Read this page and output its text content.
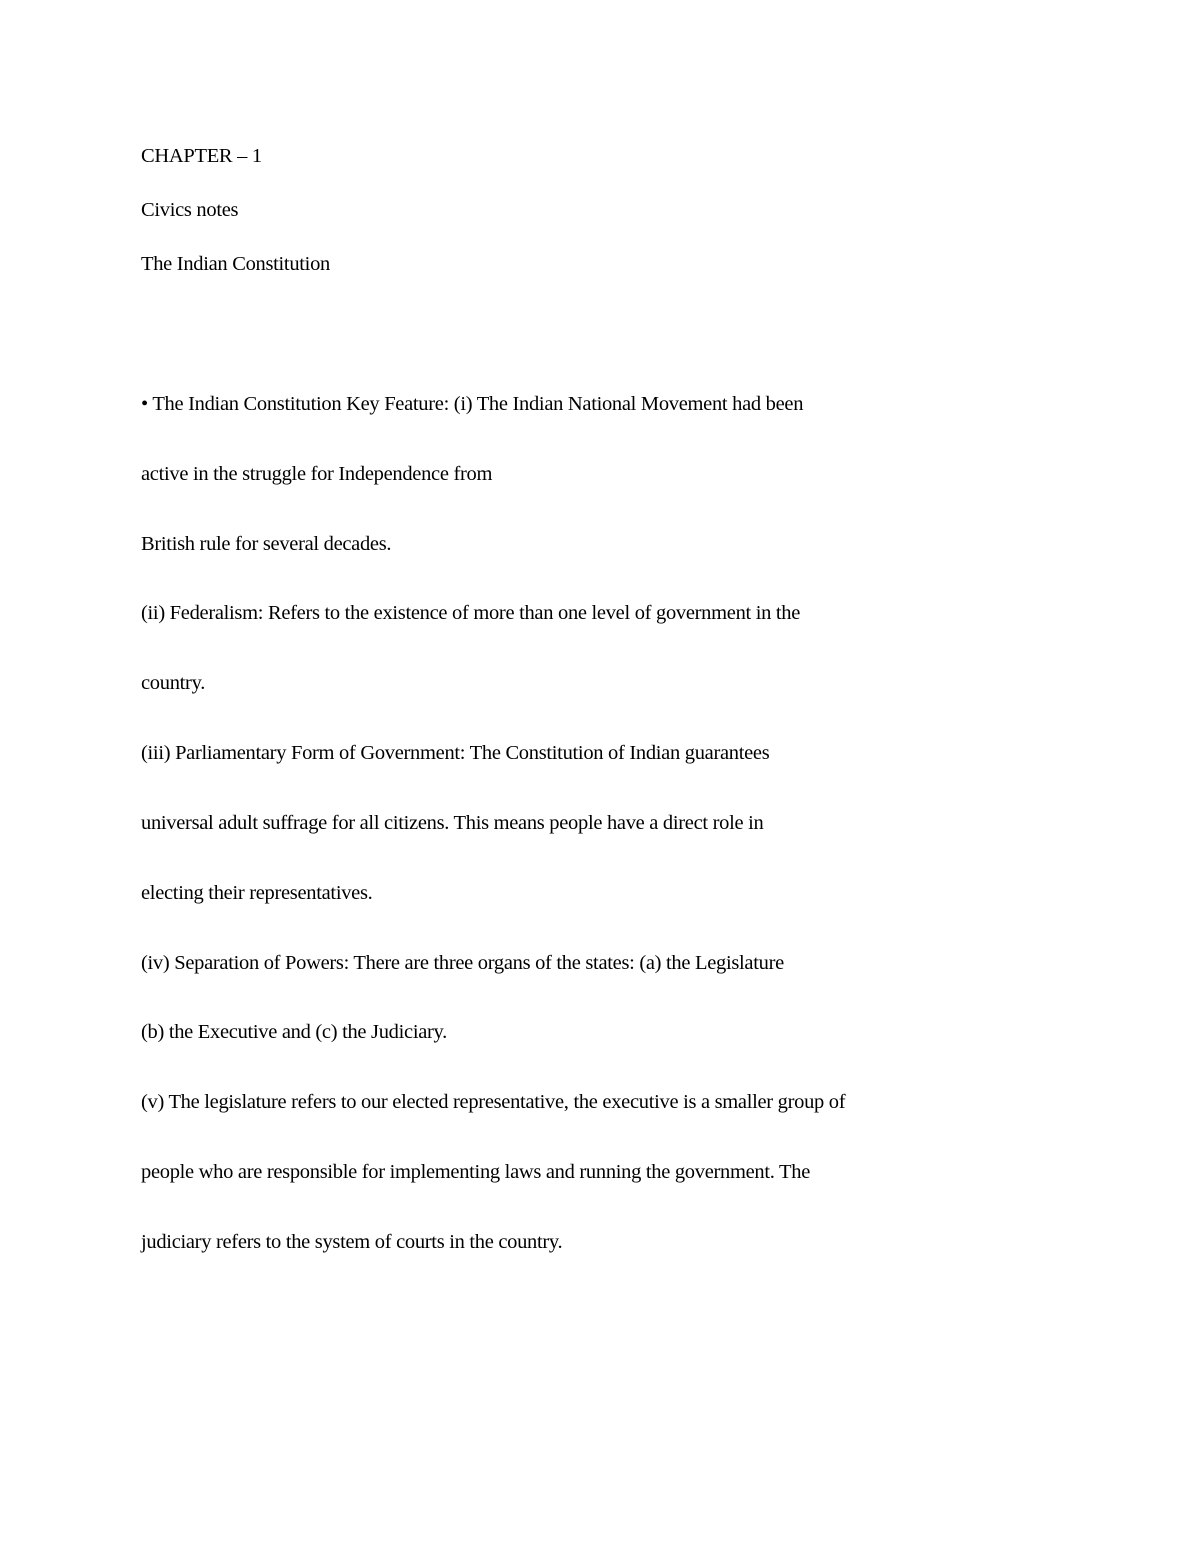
CHAPTER – 1
Civics notes
The Indian Constitution
• The Indian Constitution Key Feature: (i) The Indian National Movement had been
active in the struggle for Independence from
British rule for several decades.
(ii) Federalism: Refers to the existence of more than one level of government in the
country.
(iii) Parliamentary Form of Government: The Constitution of Indian guarantees
universal adult suffrage for all citizens. This means people have a direct role in
electing their representatives.
(iv) Separation of Powers: There are three organs of the states: (a) the Legislature
(b) the Executive and (c) the Judiciary.
(v) The legislature refers to our elected representative, the executive is a smaller group of
people who are responsible for implementing laws and running the government. The
judiciary refers to the system of courts in the country.
